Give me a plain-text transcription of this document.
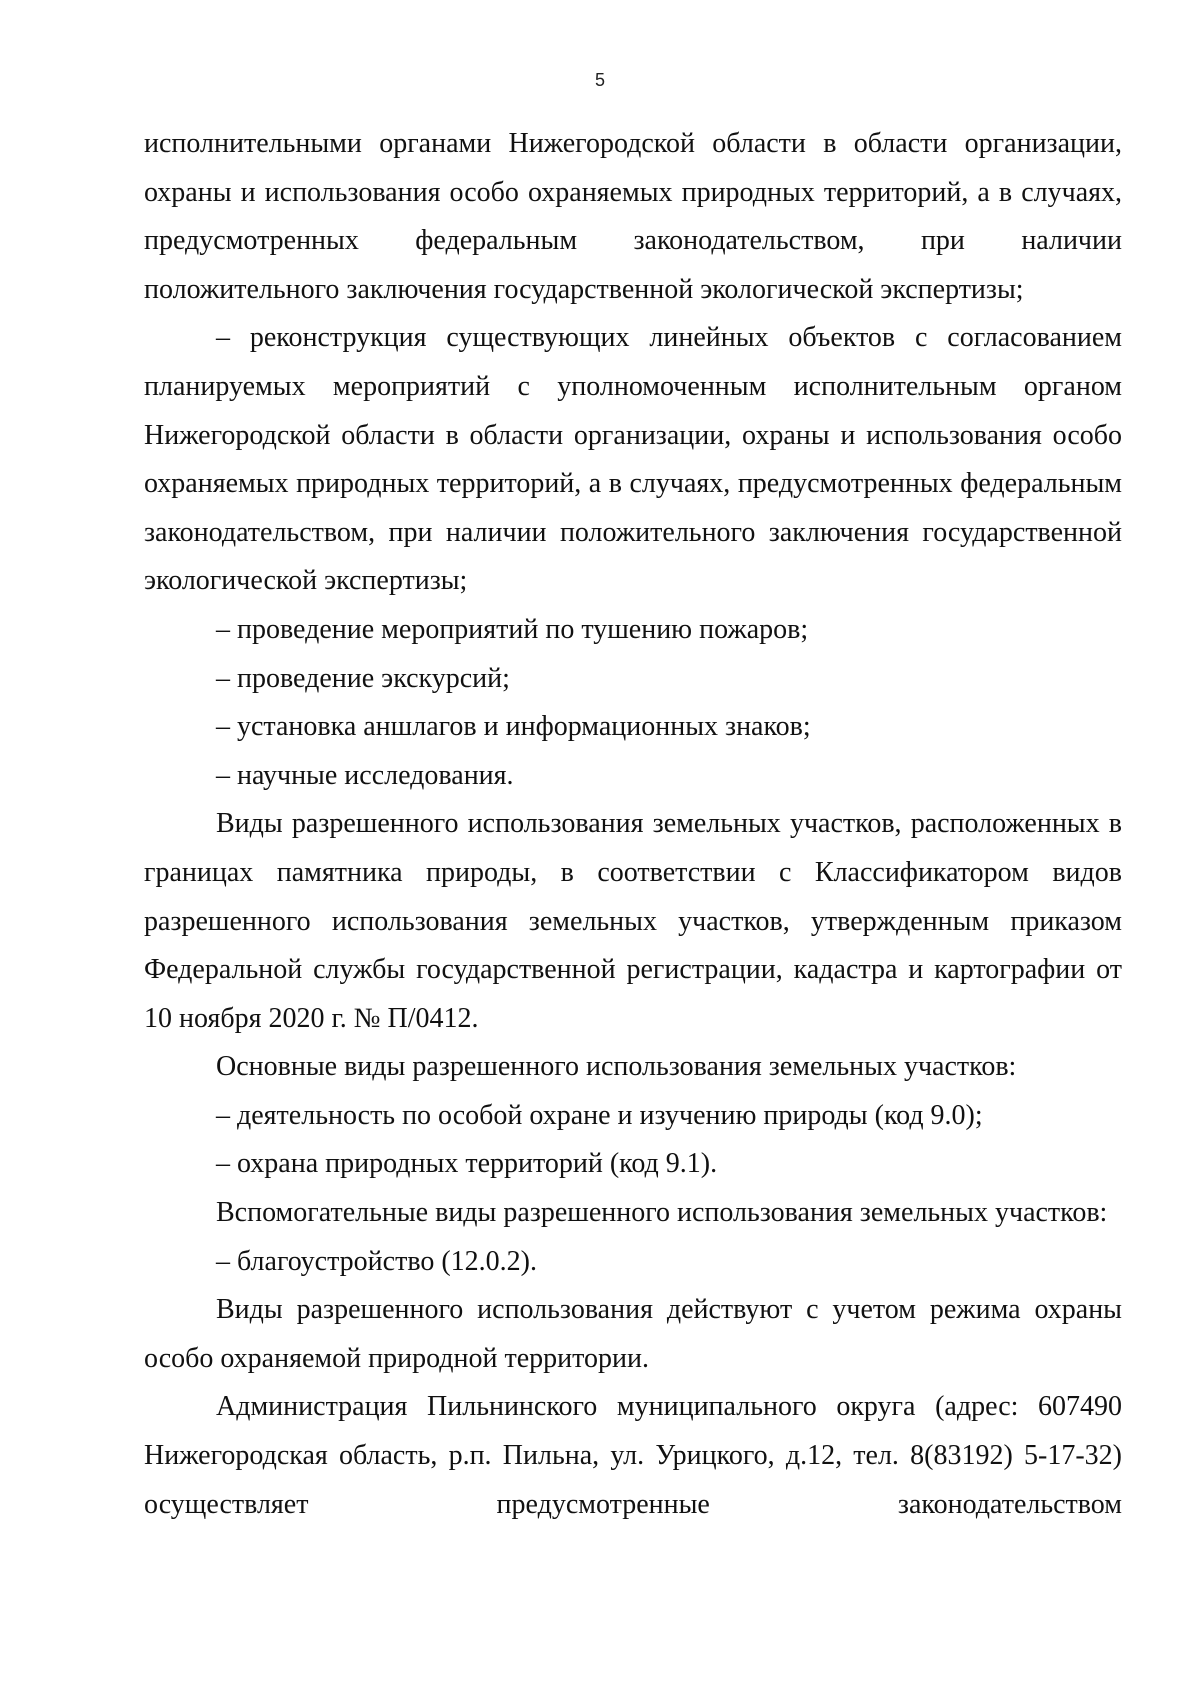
5

исполнительными органами Нижегородской области в области организации, охраны и использования особо охраняемых природных территорий, а в случаях, предусмотренных федеральным законодательством, при наличии положительного заключения государственной экологической экспертизы;

– реконструкция существующих линейных объектов с согласованием планируемых мероприятий с уполномоченным исполнительным органом Нижегородской области в области организации, охраны и использования особо охраняемых природных территорий, а в случаях, предусмотренных федеральным законодательством, при наличии положительного заключения государственной экологической экспертизы;

– проведение мероприятий по тушению пожаров;

– проведение экскурсий;

– установка аншлагов и информационных знаков;

– научные исследования.

Виды разрешенного использования земельных участков, расположенных в границах памятника природы, в соответствии с Классификатором видов разрешенного использования земельных участков, утвержденным приказом Федеральной службы государственной регистрации, кадастра и картографии от 10 ноября 2020 г. № П/0412.

Основные виды разрешенного использования земельных участков:

– деятельность по особой охране и изучению природы (код 9.0);

– охрана природных территорий (код 9.1).

Вспомогательные виды разрешенного использования земельных участков:

– благоустройство (12.0.2).

Виды разрешенного использования действуют с учетом режима охраны особо охраняемой природной территории.

Администрация Пильнинского муниципального округа (адрес: 607490 Нижегородская область, р.п. Пильна, ул. Урицкого, д.12, тел. 8(83192) 5-17-32) осуществляет предусмотренные законодательством
